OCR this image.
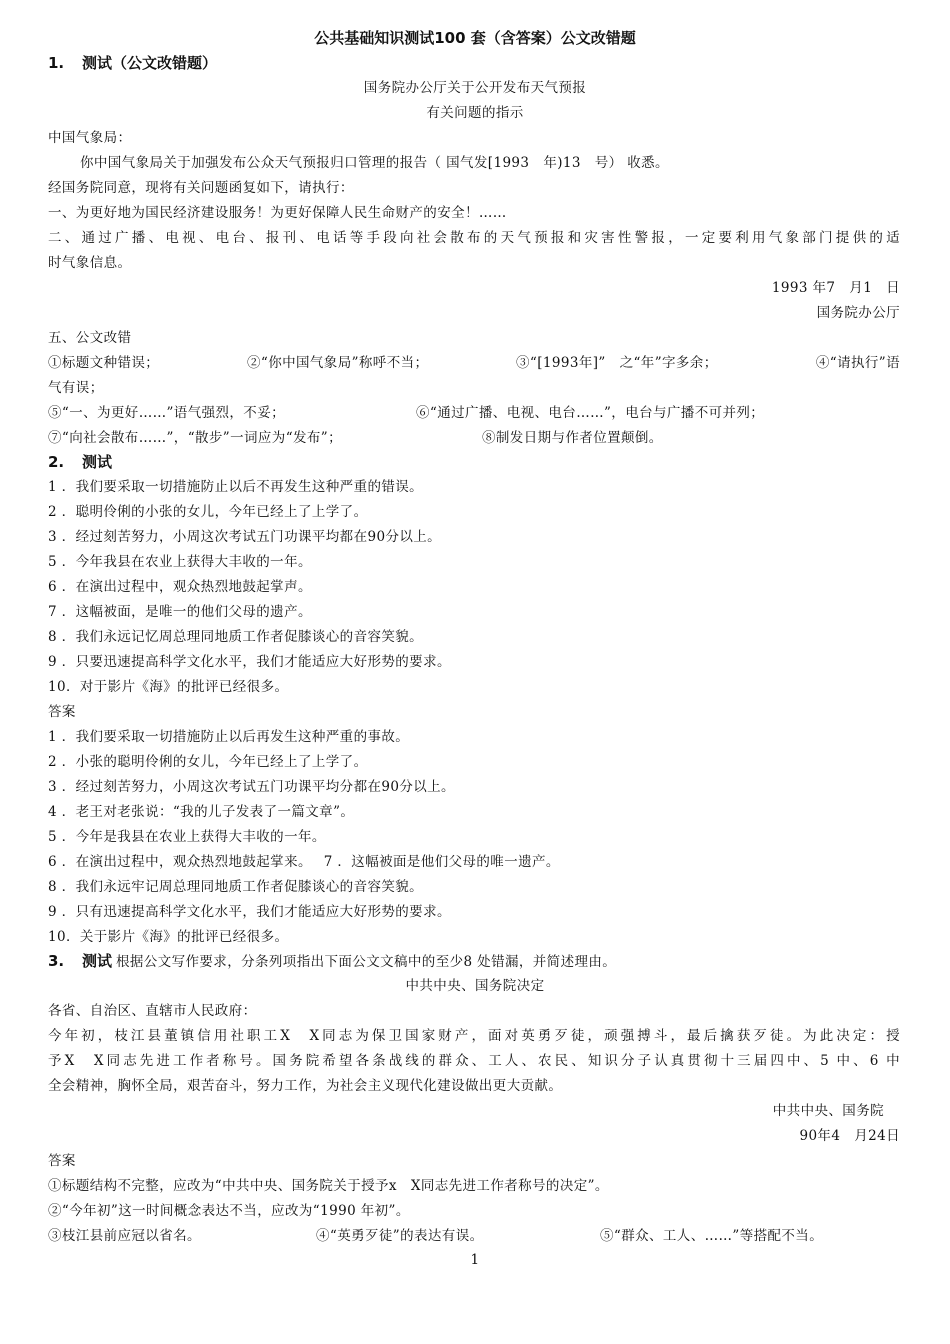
公共基础知识测试100 套（含答案）公文改错题
1. 测试（公文改错题）
国务院办公厅关于公开发布天气预报
有关问题的指示
中国气象局：
你中国气象局关于加强发布公众天气预报归口管理的报告（ 国气发[1993　年)13　号） 收悉。
经国务院同意，现将有关问题函复如下，请执行：
一、为更好地为国民经济建设服务！为更好保障人民生命财产的安全！……
二、通过广播、电视、电台、报刊、电话等手段向社会散布的天气预报和灾害性警报，一定要利用气象部门提供的适
时气象信息。
1993 年7　月1　日
国务院办公厅
五、公文改错
①标题文种错误；	②“你中国气象局”称呼不当；	③“[1993年]”　之“年”字多余；	④“请执行”语
气有误；
⑤“一、为更好……”语气强烈，不妥；	⑥“通过广播、电视、电台……”，电台与广播不可并列；
⑦“向社会散布……”，“散步”一词应为“发布”；	⑧制发日期与作者位置颠倒。
2. 测试
1 ．我们要采取一切措施防止以后不再发生这种严重的错误。
2 ．聪明伶俐的小张的女儿，今年已经上了上学了。
3 ．经过刻苦努力，小周这次考试五门功课平均都在90分以上。
5 ．今年我县在农业上获得大丰收的一年。
6 ．在演出过程中，观众热烈地鼓起掌声。
7 ．这幅被面，是唯一的他们父母的遗产。
8 ．我们永远记忆周总理同地质工作者促膝谈心的音容笑貌。
9 ．只要迅速提高科学文化水平，我们才能适应大好形势的要求。
10．对于影片《海》的批评已经很多。
答案
1 ．我们要采取一切措施防止以后再发生这种严重的事故。
2 ．小张的聪明伶俐的女儿，今年已经上了上学了。
3 ．经过刻苦努力，小周这次考试五门功课平均分都在90分以上。
4 ．老王对老张说：“我的儿子发表了一篇文章”。
5 ．今年是我县在农业上获得大丰收的一年。
6 ．在演出过程中，观众热烈地鼓起掌来。　 7 ．这幅被面是他们父母的唯一遗产。
8 ．我们永远牢记周总理同地质工作者促膝谈心的音容笑貌。
9 ．只有迅速提高科学文化水平，我们才能适应大好形势的要求。
10．关于影片《海》的批评已经很多。
3. 测试 根据公文写作要求，分条列项指出下面公文文稿中的至少8 处错漏，并简述理由。
中共中央、国务院决定
各省、自治区、直辖市人民政府：
今年初，枝江县董镇信用社职工X　X同志为保卫国家财产，面对英勇歹徒，顽强搏斗，最后擒获歹徒。为此决定：授
予X　X同志先进工作者称号。国务院希望各条战线的群众、工人、农民、知识分子认真贯彻十三届四中、5 中、6 中
全会精神，胸怀全局，艰苦奋斗，努力工作，为社会主义现代化建设做出更大贡献。
中共中央、国务院
90年4　月24日
答案
①标题结构不完整，应改为“中共中央、国务院关于授予x　X同志先进工作者称号的决定”。
②“今年初”这一时间概念表达不当，应改为“1990 年初”。
③枝江县前应冠以省名。	④“英勇歹徒”的表达有误。	⑤“群众、工人、……”等搭配不当。
1
